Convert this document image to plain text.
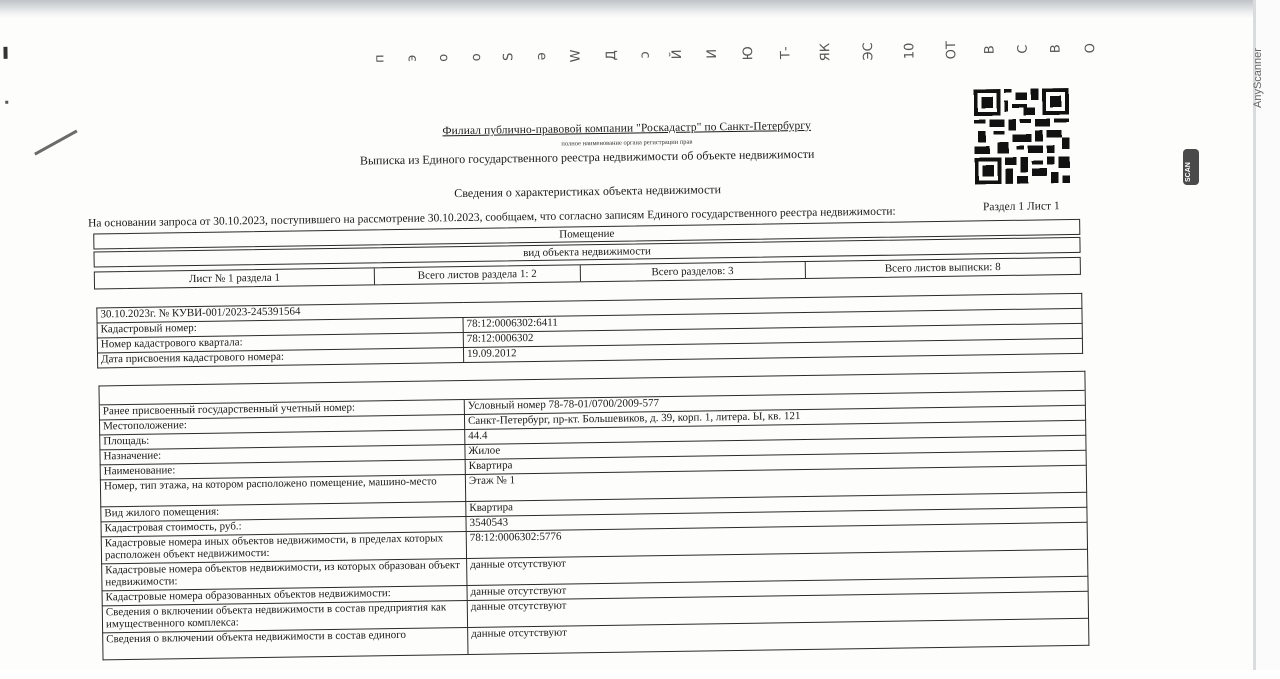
п э о о S ə W Д ɔ Й И Ю Т- ЯК ЭС 10 ОТ В С В О
Филиал публично-правовой компании "Роскадастр" по Санкт-Петербургу
полное наименование органа регистрации прав
Выписка из Единого государственного реестра недвижимости об объекте недвижимости
Сведения о характеристиках объекта недвижимости
На основании запроса от 30.10.2023, поступившего на рассмотрение 30.10.2023, сообщаем, что согласно записям Единого государственного реестра недвижимости:	Раздел 1 Лист 1
Помещение
вид объекта недвижимости
Лист № 1 раздела 1	Всего листов раздела 1: 2	Всего разделов: 3	Всего листов выписки: 8
30.10.2023г. № КУВИ-001/2023-245391564	
Кадастровый номер:	78:12:0006302:6411
Номер кадастрового квартала:	78:12:0006302
Дата присвоения кадастрового номера:	19.09.2012

Ранее присвоенный государственный учетный номер:	Условный номер 78-78-01/0700/2009-577
Местоположение:	Санкт-Петербург, пр-кт. Большевиков, д. 39, корп. 1, литера. Ы, кв. 121
Площадь:	44.4
Назначение:	Жилое
Наименование:	Квартира
Номер, тип этажа, на котором расположено помещение, машино-место	Этаж № 1
Вид жилого помещения:	Квартира
Кадастровая стоимость, руб.:	3540543
Кадастровые номера иных объектов недвижимости, в пределах которых расположен объект недвижимости:	78:12:0006302:5776
Кадастровые номера объектов недвижимости, из которых образован объект недвижимости:	данные отсутствуют
Кадастровые номера образованных объектов недвижимости:	данные отсутствуют
Сведения о включении объекта недвижимости в состав предприятия как имущественного комплекса:	данные отсутствуют
Сведения о включении объекта недвижимости в состав единого	данные отсутствуют
AnyScanner
SCAN
